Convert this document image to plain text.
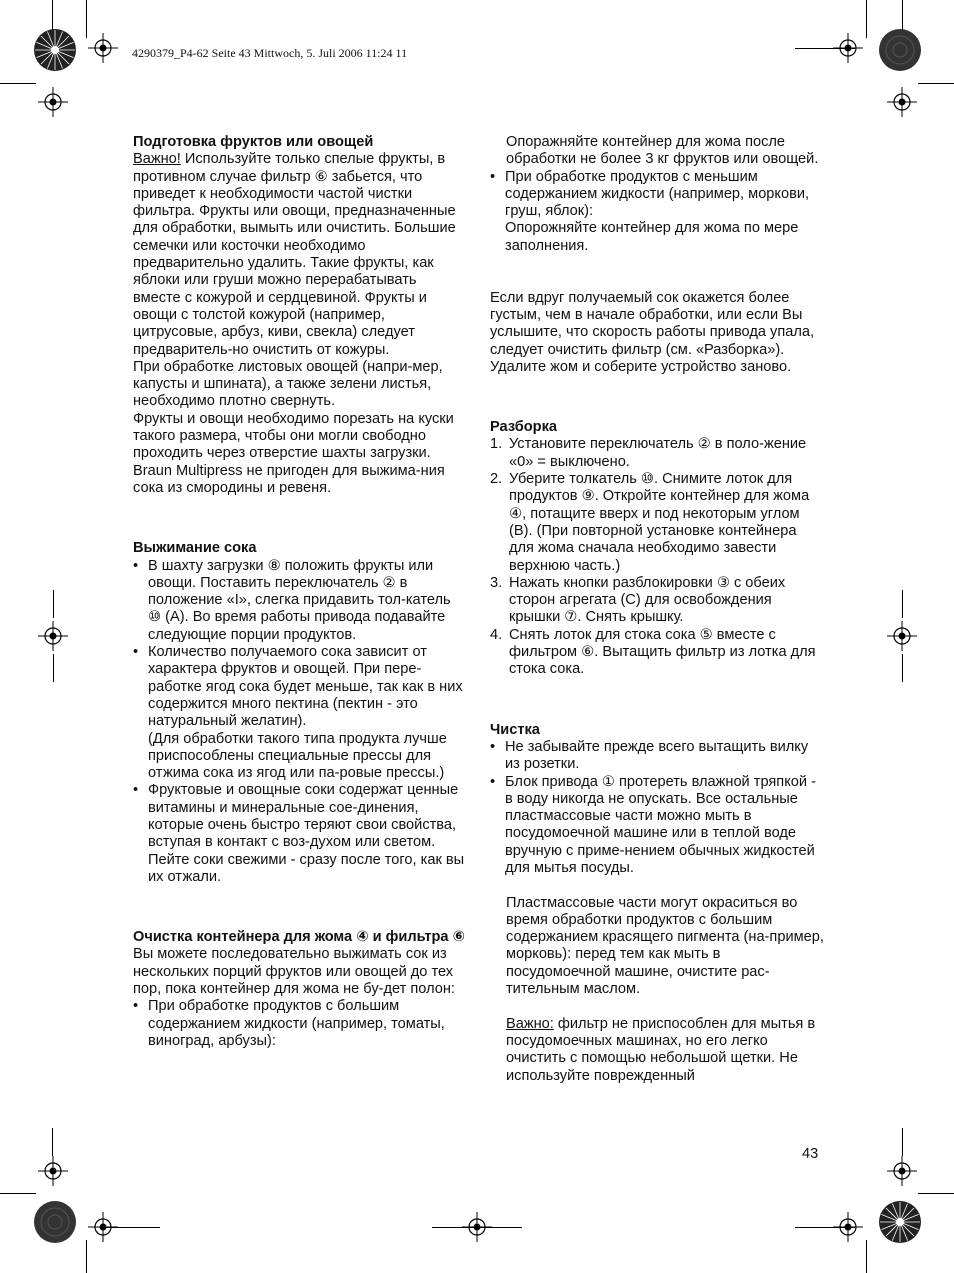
4290379_P4-62 Seite 43 Mittwoch, 5. Juli 2006 11:24 11
Подготовка фруктов или овощей

Важно! Используйте только спелые фрукты, в противном случае фильтр ⑥ забьется, что приведет к необходимости частой чистки фильтра. Фрукты или овощи, предназначенные для обработки, вымыть или очистить. Большие семечки или косточки необходимо предварительно удалить. Такие фрукты, как яблоки или груши можно перерабатывать вместе с кожурой и сердцевиной. Фрукты и овощи с толстой кожурой (например, цитрусовые, арбуз, киви, свекла) следует предваритель-но очистить от кожуры.

При обработке листовых овощей (напри-мер, капусты и шпината), а также зелени листья, необходимо плотно свернуть.

Фрукты и овощи необходимо порезать на куски такого размера, чтобы они могли свободно проходить через отверстие шахты загрузки.

Braun Multipress не пригоден для выжима-ния сока из смородины и ревеня.

Выжимание сока
• В шахту загрузки ⑧ положить фрукты или овощи. Поставить переключатель ② в положение «I», слегка придавить тол-катель ⑩ (A). Во время работы привода подавайте следующие порции продуктов.
• Количество получаемого сока зависит от характера фруктов и овощей. При пере-работке ягод сока будет меньше, так как в них содержится много пектина (пектин - это натуральный желатин).
(Для обработки такого типа продукта лучше приспособлены специальные прессы для отжима сока из ягод или па-ровые прессы.)
• Фруктовые и овощные соки содержат ценные витамины и минеральные сое-динения, которые очень быстро теряют свои свойства, вступая в контакт с воз-духом или светом. Пейте соки свежими - сразу после того, как вы их отжали.
Очистка контейнера для жома ④ и фильтра ⑥

Вы можете последовательно выжимать сок из нескольких порций фруктов или овощей до тех пор, пока контейнер для жома не бу-дет полон:

• При обработке продуктов с большим содержанием жидкости (например, томаты, виноград, арбузы):

Опоражняйте контейнер для жома после обработки не более 3 кг фруктов или овощей.

• При обработке продуктов с меньшим содержанием жидкости (например, моркови, груш, яблок):
Опорожняйте контейнер для жома по мере заполнения.

Если вдруг получаемый сок окажется более густым, чем в начале обработки, или если Вы услышите, что скорость работы привода упала, следует очистить фильтр (см. «Разборка»). Удалите жом и соберите устройство заново.

Разборка
1. Установите переключатель ② в поло-жение «0» = выключено.
2. Уберите толкатель ⑩. Снимите лоток для продуктов ⑨. Откройте контейнер для жома ④, потащите вверх и под некоторым углом (B). (При повторной установке контейнера для жома сначала необходимо завести верхнюю часть.)
3. Нажать кнопки разблокировки ③ с обеих сторон агрегата (C) для освобождения крышки ⑦. Снять крышку.
4. Снять лоток для стока сока ⑤ вместе с фильтром ⑥. Вытащить фильтр из лотка для стока сока.
Чистка
• Не забывайте прежде всего вытащить вилку из розетки.
• Блок привода ① протереть влажной тряпкой - в воду никогда не опускать. Все остальные пластмассовые части можно мыть в посудомоечной машине или в теплой воде вручную с приме-нением обычных жидкостей для мытья посуды.

Пластмассовые части могут окраситься во время обработки продуктов с большим содержанием красящего пигмента (на-пример, морковь): перед тем как мыть в посудомоечной машине, очистите рас-тительным маслом.

Важно: фильтр не приспособлен для мытья в посудомоечных машинах, но его легко очистить с помощью небольшой щетки. Не используйте поврежденный

43
